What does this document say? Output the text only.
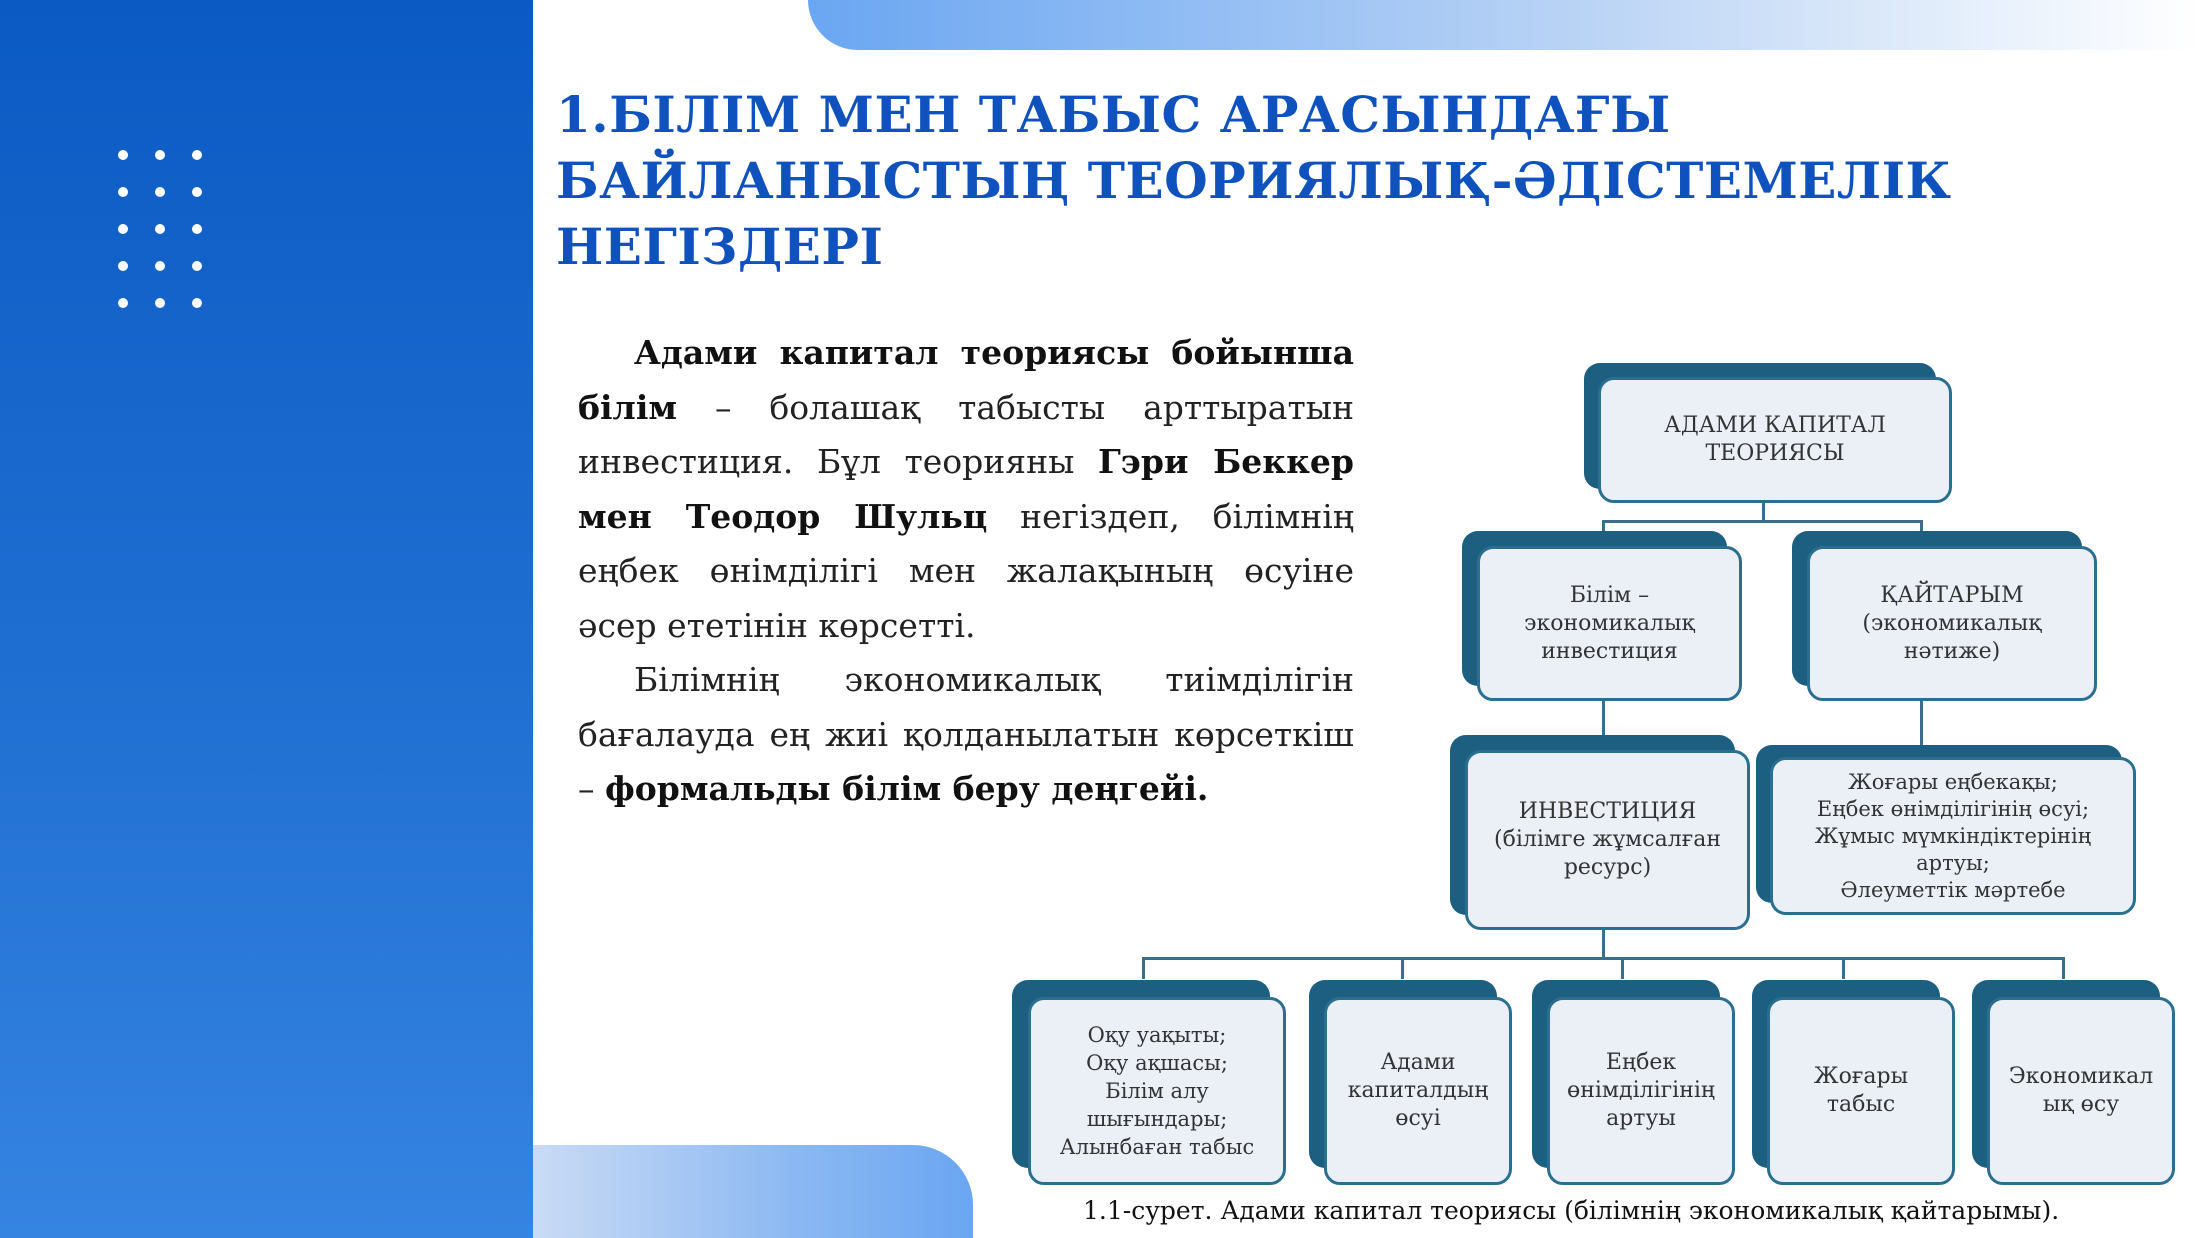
1.БІЛІМ МЕН ТАБЫС АРАСЫНДАҒЫ
БАЙЛАНЫСТЫҢ ТЕОРИЯЛЫҚ-ӘДІСТЕМЕЛІК
НЕГІЗДЕРІ

Адами капитал теориясы бойынша білім – болашақ табысты арттыратын инвестиция. Бұл теорияны Гэри Беккер мен Теодор Шульц негіздеп, білімнің еңбек өнімділігі мен жалақының өсуіне әсер ететінін көрсетті.

Білімнің экономикалық тиімділігін бағалауда ең жиі қолданылатын көрсеткіш – формальды білім беру деңгейі.

АДАМИ КАПИТАЛ
ТЕОРИЯСЫ
Білім –
экономикалық
инвестиция
ҚАЙТАРЫМ
(экономикалық
нәтиже)
ИНВЕСТИЦИЯ
(білімге жұмсалған
ресурс)
Жоғары еңбекақы;
Еңбек өнімділігінің өсуі;
Жұмыс мүмкіндіктерінің
артуы;
Әлеуметтік мәртебе
Оқу уақыты;
Оқу ақшасы;
Білім алу
шығындары;
Алынбаған табыс
Адами
капиталдың
өсуі
Еңбек
өнімділігінің
артуы
Жоғары
табыс
Экономикал
ық өсу
1.1-сурет. Адами капитал теориясы (білімнің экономикалық қайтарымы).
